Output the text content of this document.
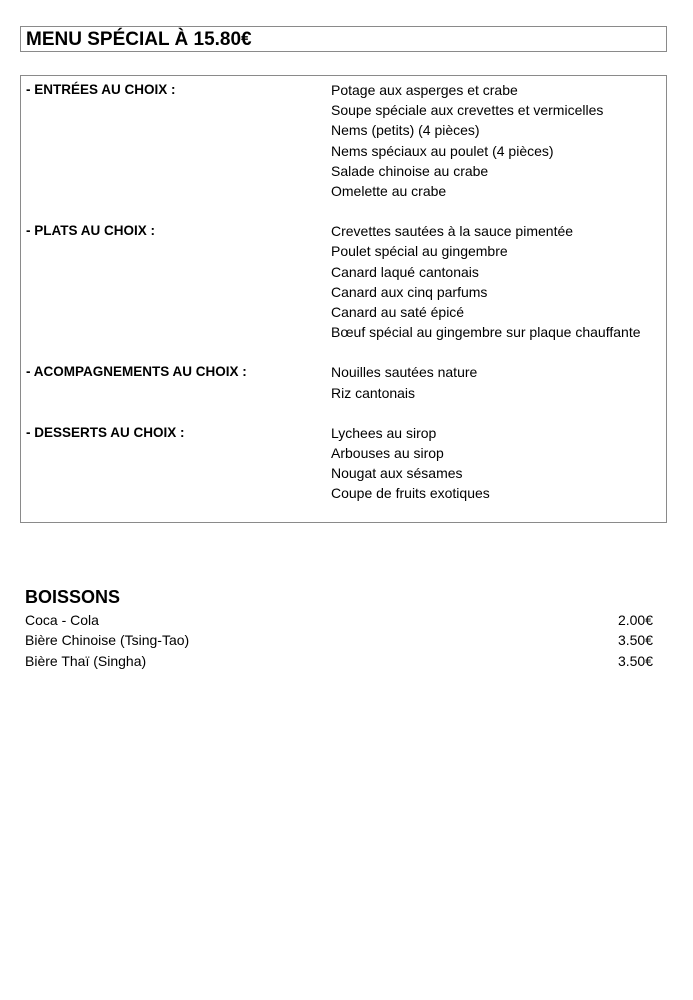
MENU SPÉCIAL À 15.80€
- ENTRÉES AU CHOIX :	Potage aux asperges et crabe
Soupe spéciale aux crevettes et vermicelles
Nems (petits) (4 pièces)
Nems spéciaux au poulet (4 pièces)
Salade chinoise au crabe
Omelette au crabe
- PLATS AU CHOIX :	Crevettes sautées à la sauce pimentée
Poulet spécial au gingembre
Canard laqué cantonais
Canard aux cinq parfums
Canard au saté épicé
Bœuf spécial au gingembre sur plaque chauffante
- ACOMPAGNEMENTS AU CHOIX :	Nouilles sautées nature
Riz cantonais
- DESSERTS AU CHOIX :	Lychees au sirop
Arbouses au sirop
Nougat aux sésames
Coupe de fruits exotiques
BOISSONS
Coca - Cola	2.00€
Bière Chinoise (Tsing-Tao)	3.50€
Bière Thaï (Singha)	3.50€
